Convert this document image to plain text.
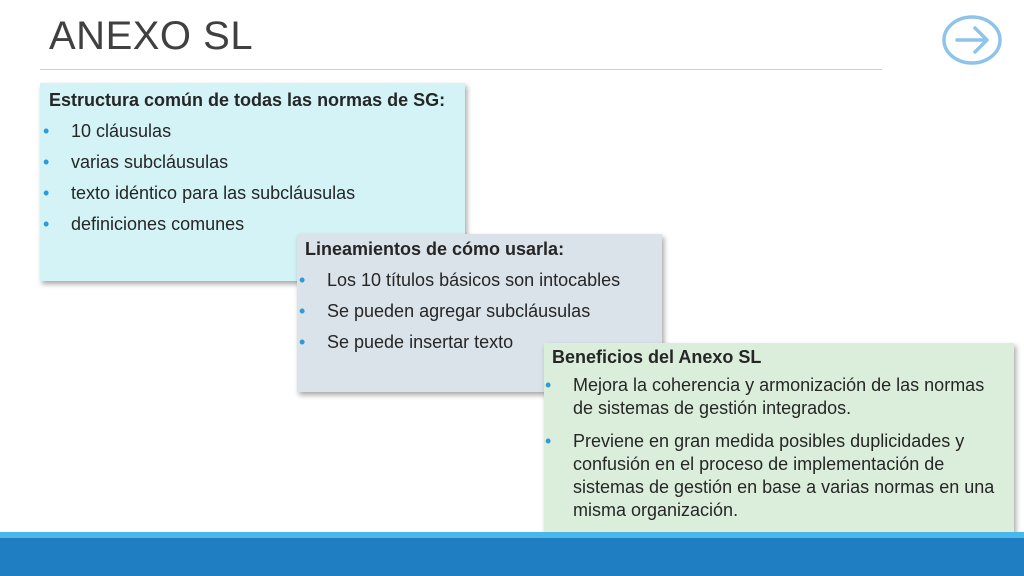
ANEXO SL
Estructura común de todas las normas de SG:
• 10 cláusulas
• varias subcláusulas
• texto idéntico para las subcláusulas
• definiciones comunes
Lineamientos de cómo usarla:
• Los 10 títulos básicos son intocables
• Se pueden agregar subcláusulas
• Se puede insertar texto
Beneficios del Anexo SL
• Mejora la coherencia y armonización de las normas de sistemas de gestión integrados.
• Previene en gran medida posibles duplicidades y confusión en el proceso de implementación de sistemas de gestión en base a varias normas en una misma organización.
